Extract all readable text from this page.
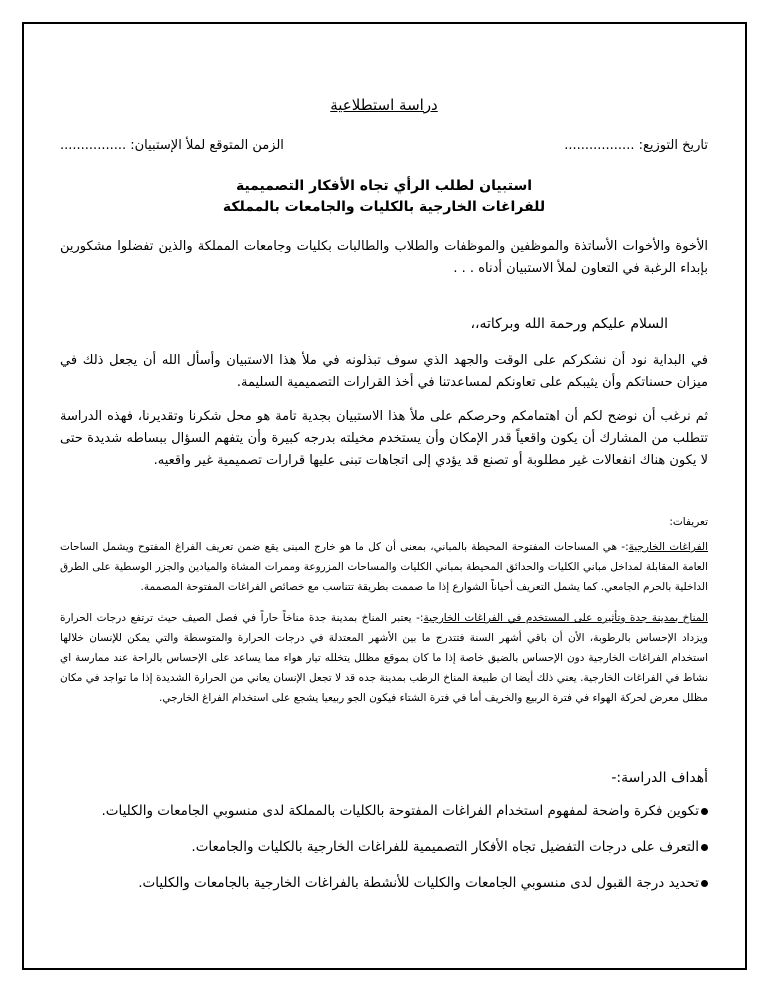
دراسة استطلاعية
تاريخ التوزيع: .................
الزمن المتوقع لملأ الإستبيان: ................
استبيان لطلب الرأي تجاه الأفكار التصميمية
للفراغات الخارجية بالكليات والجامعات بالمملكة

الأخوة والأخوات الأساتذة والموظفين والموظفات والطلاب والطالبات بكليات وجامعات المملكة والذين تفضلوا مشكورين بإبداء الرغبة في التعاون لملأ الاستبيان أدناه . . .

السلام عليكم ورحمة الله وبركاته،،

في البداية نود أن نشكركم على الوقت والجهد الذي سوف تبذلونه في ملأ هذا الاستبيان وأسأل الله أن يجعل ذلك في ميزان حسناتكم وأن يثيبكم على تعاونكم لمساعدتنا في أخذ القرارات التصميمية السليمة.

ثم نرغب أن نوضح لكم أن اهتمامكم وحرصكم على ملأ هذا الاستبيان بجدية تامة هو محل شكرنا وتقديرنا، فهذه الدراسة تتطلب من المشارك أن يكون واقعياً قدر الإمكان وأن يستخدم مخيلته بدرجه كبيرة وأن يتفهم السؤال ببساطه شديدة حتى لا يكون هناك انفعالات غير مطلوبة أو تصنع قد يؤدي إلى اتجاهات تبنى عليها قرارات تصميمية غير واقعيه.

تعريفات:

الفراغات الخارجية:- هي المساحات المفتوحة المحيطة بالمباني، بمعنى أن كل ما هو خارج المبنى يقع ضمن تعريف الفراغ المفتوح ويشمل الساحات العامة المقابلة لمداخل مباني الكليات والحدائق المحيطة بمباني الكليات والمساحات المزروعة وممرات المشاة والميادين والجزر الوسطية على الطرق الداخلية بالحرم الجامعي. كما يشمل التعريف أحياناً الشوارع إذا ما صممت بطريقة تتناسب مع خصائص الفراغات المفتوحة المصممة.

المناخ بمدينة جدة وتأثيره على المستخدم في الفراغات الخارجية:- يعتبر المناخ بمدينة جدة مناخاً حاراً في فصل الصيف حيث ترتفع درجات الحرارة ويزداد الإحساس بالرطوبة، الأن أن باقي أشهر السنة فتتدرج ما بين الأشهر المعتدلة في درجات الحرارة والمتوسطة والتي يمكن للإنسان خلالها استخدام الفراغات الخارجية دون الإحساس بالضيق خاصة إذا ما كان بموقع مظلل يتخلله تيار هواء مما يساعد على الإحساس بالراحة عند ممارسة اي نشاط في الفراغات الخارجية. يعني ذلك أيضا ان طبيعة المناخ الرطب بمدينة جده قد لا تجعل الإنسان يعاني من الحرارة الشديدة إذا ما تواجد في مكان مظلل معرض لحركة الهواء في فترة الربيع والخريف أما في فترة الشتاء فيكون الجو ربيعيا يشجع على استخدام الفراغ الخارجي.

أهداف الدراسة:-
تكوين فكرة واضحة لمفهوم استخدام الفراغات المفتوحة بالكليات بالمملكة لدى منسوبي الجامعات والكليات.
التعرف على درجات التفضيل تجاه الأفكار التصميمية للفراغات الخارجية بالكليات والجامعات.
تحديد درجة القبول لدى منسوبي الجامعات والكليات للأنشطة بالفراغات الخارجية بالجامعات والكليات.
